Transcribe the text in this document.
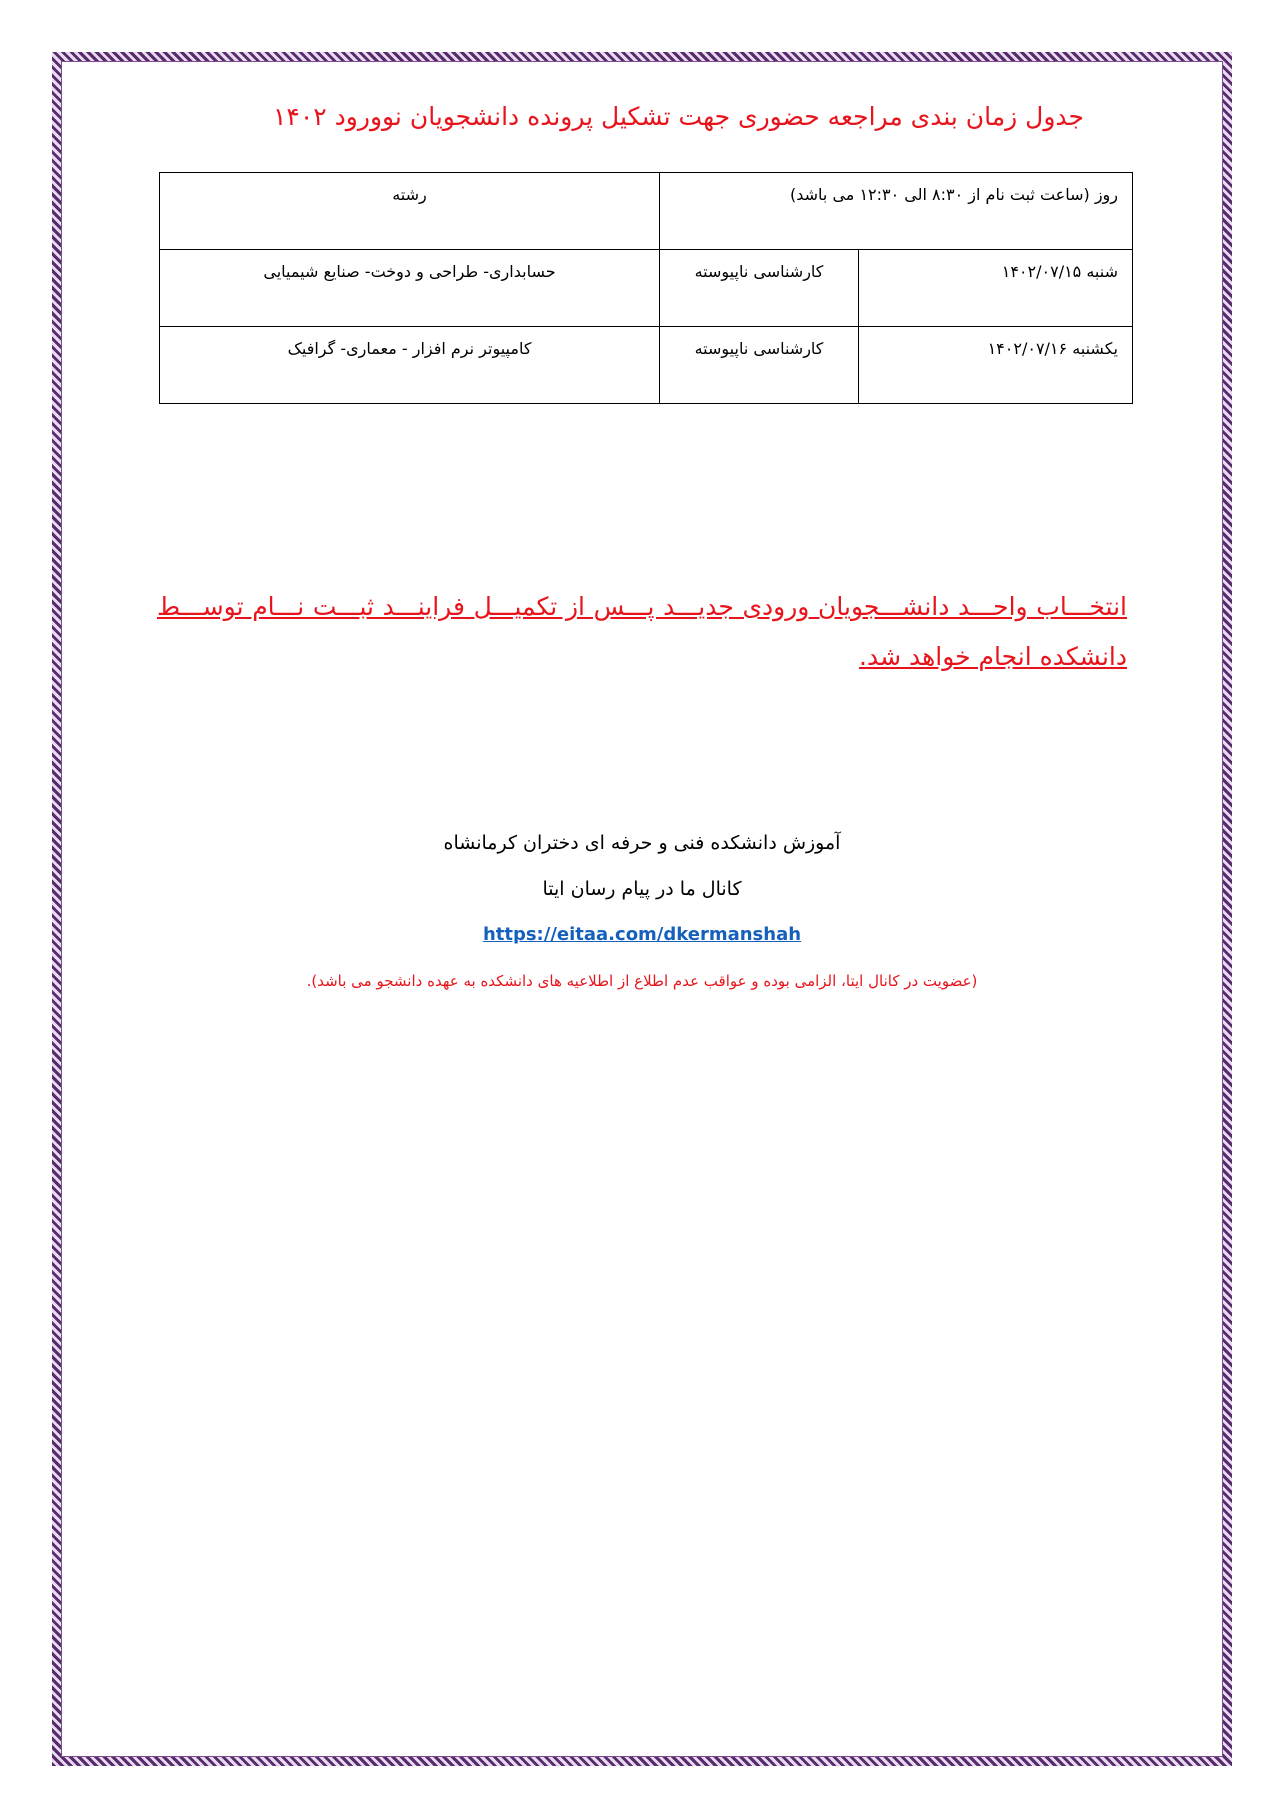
جدول زمان بندی مراجعه حضوری جهت تشکیل پرونده دانشجویان نوورود ۱۴۰۲
روز (ساعت ثبت نام از ۸:۳۰ الی ۱۲:۳۰ می باشد)		رشته
شنبه ۱۴۰۲/۰۷/۱۵	کارشناسی ناپیوسته	حسابداری- طراحی و دوخت- صنایع شیمیایی
یکشنبه ۱۴۰۲/۰۷/۱۶	کارشناسی ناپیوسته	کامپیوتر نرم افزار - معماری- گرافیک

انتخـــاب واحـــد دانشـــجویان ورودی جدیـــد پـــس از تکمیـــل فراینـــد ثبـــت نـــام توســـط دانشکده انجام خواهد شد.

آموزش دانشکده فنی و حرفه ای دختران کرمانشاه

کانال ما در پیام رسان ایتا

https://eitaa.com/dkermanshah

(عضویت در کانال ایتا، الزامی بوده و عواقب عدم اطلاع از اطلاعیه های دانشکده به عهده دانشجو می باشد).
